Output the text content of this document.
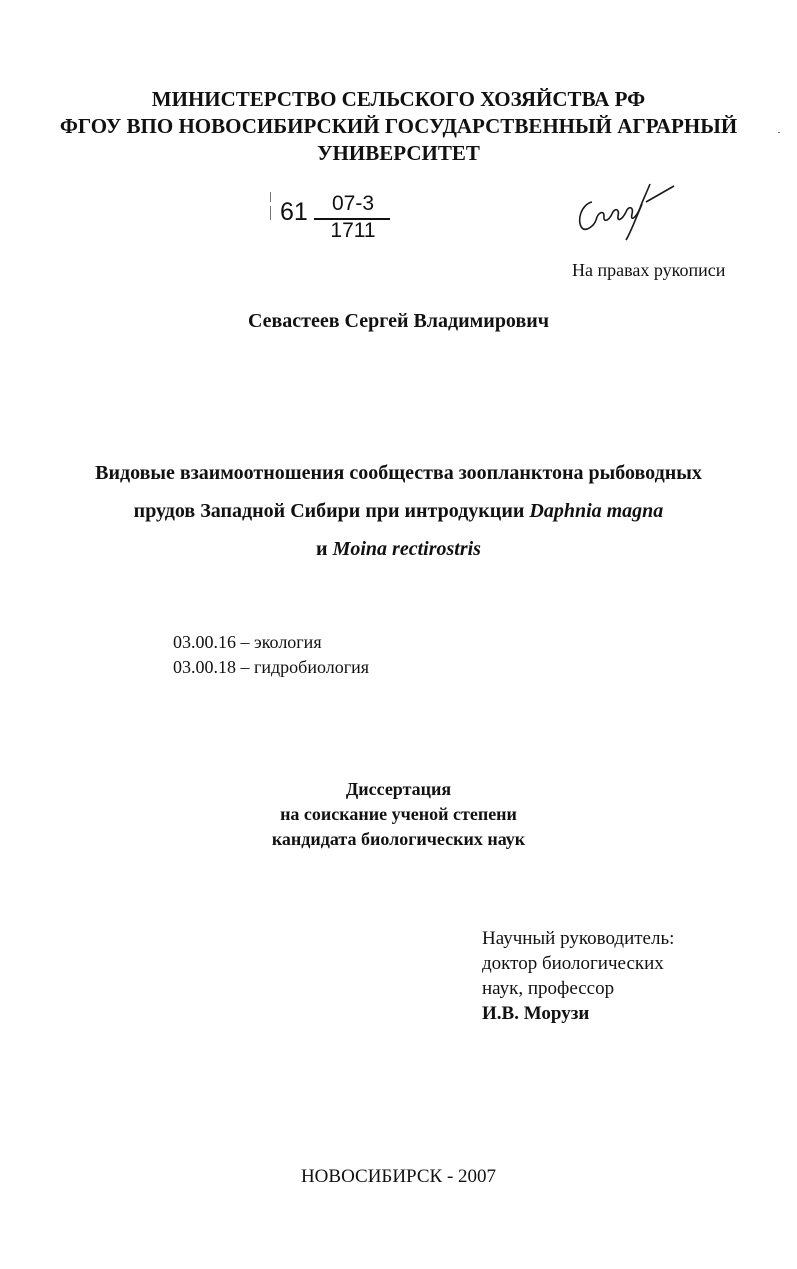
МИНИСТЕРСТВО СЕЛЬСКОГО ХОЗЯЙСТВА РФ
ФГОУ ВПО НОВОСИБИРСКИЙ ГОСУДАРСТВЕННЫЙ АГРАРНЫЙ
УНИВЕРСИТЕТ
61	07-3
1711
На правах рукописи
Севастеев Сергей Владимирович
Видовые взаимоотношения сообщества зоопланктона рыбоводных
прудов Западной Сибири при интродукции Daphnia magna
и Moina rectirostris
03.00.16 – экология
03.00.18 – гидробиология
Диссертация
на соискание ученой степени
кандидата биологических наук
Научный руководитель:
доктор биологических
наук, профессор
И.В. Морузи
НОВОСИБИРСК - 2007
